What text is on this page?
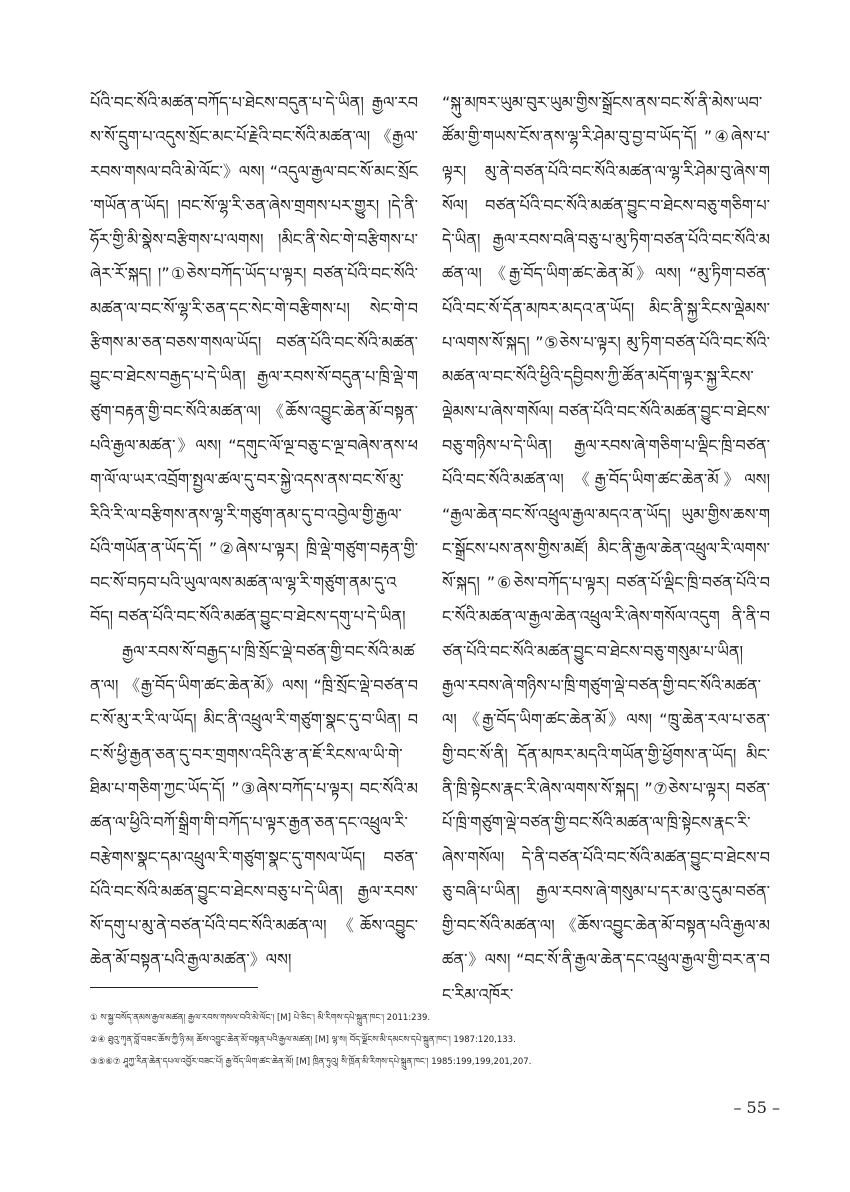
པོའི་བང་སོའི་མཚན་བཀོད་པ་ཐེངས་བདུན་པ་དེ་ཡིན། རྒྱལ་རབས་སོ་དྲུག་པ་འདུས་སྲོང་མང་པོ་རྗེའི་བང་སོའི་མཚན་ལ། 《རྒྱལ་རབས་གསལ་བའི་མེ་ལོང་》ལས། “འདུལ་རྒྱལ་བང་སོ་མང་སྲོང་གཡོན་ན་ཡོད། །བང་སོ་ལྷ་རི་ཅན་ཞེས་གྲགས་པར་གྱུར། །དེ་ནི་ཧོར་གྱི་མི་སྣེས་བརྩིགས་པ་ལགས། །མིང་ནི་སེང་གེ་བརྩིགས་པ་ཞེར་རོ་སྐད། །”①ཅེས་བཀོད་ཡོད་པ་ལྟར། བཙན་པོའི་བང་སོའི་མཚན་ལ་བང་སོ་ལྷ་རི་ཅན་དང་སེང་གེ་བརྩིགས་པ། སེང་གེ་བརྩིགས་མ་ཅན་བཅས་གསལ་ཡོད། བཙན་པོའི་བང་སོའི་མཚན་བྱུང་བ་ཐེངས་བརྒྱད་པ་དེ་ཡིན། རྒྱལ་རབས་སོ་བདུན་པ་ཁྲི་ལྡེ་གཙུག་བརྟན་གྱི་བང་སོའི་མཚན་ལ། 《ཆོས་འབྱུང་ཆེན་མོ་བསྟན་པའི་རྒྱལ་མཚན་》ལས། “དགུང་ལོ་ལྔ་བཅུ་ང་ལྔ་བཞེས་ནས་ཕག་ལོ་ལ་ཡར་འབྲོག་སྤྱལ་ཚལ་དུ་བར་སྐྱེ་འདས་ནས་བང་སོ་མུ་རིའི་རི་ལ་བརྩིགས་ནས་ལྷ་རི་གཙུག་ནམ་དུ་བ་འབྱེལ་གྱི་རྒྱལ་པོའི་གཡོན་ན་ཡོད་དོ། ”②ཞེས་པ་ལྟར། ཁྲི་ལྡེ་གཙུག་བརྟན་གྱི་བང་སོ་བཏབ་པའི་ཡུལ་ལས་མཚན་ལ་ལྷ་རི་གཙུག་ནམ་དུ་འབོད། བཙན་པོའི་བང་སོའི་མཚན་བྱུང་བ་ཐེངས་དགུ་པ་དེ་ཡིན།

རྒྱལ་རབས་སོ་བརྒྱད་པ་ཁྲི་སྲོང་ལྡེ་བཙན་གྱི་བང་སོའི་མཚན་ལ། 《རྒྱ་བོད་ཡིག་ཚང་ཆེན་མོ》ལས། “ཁྲི་སྲོང་ལྡེ་བཙན་བང་སོ་མུ་ར་རི་ལ་ཡོད། མིང་ནི་འཕྲུལ་རི་གཙུག་སྣང་དུ་བ་ཡིན། བང་སོ་ཕྱི་རྒྱན་ཅན་དུ་བར་གྲགས་འདིའི་རྩ་ན་ཇོ་རིངས་ལ་ཡི་གེ་ཐིམ་པ་གཅིག་ཀྱང་ཡོད་དོ། ”③ཞེས་བཀོད་པ་ལྟར། བང་སོའི་མཚན་ལ་ཕྱིའི་བཀོ་སྒྲིག་གི་བཀོད་པ་ལྟར་རྒྱན་ཅན་དང་འཕྲུལ་རི་བརྩེགས་སྣང་དམ་འཕྲུལ་རི་གཙུག་སྣང་དུ་གསལ་ཡོད། བཙན་པོའི་བང་སོའི་མཚན་བྱུང་བ་ཐེངས་བཅུ་པ་དེ་ཡིན། རྒྱལ་རབས་སོ་དགུ་པ་མུ་ནེ་བཙན་པོའི་བང་སོའི་མཚན་ལ། 《ཆོས་འབྱུང་ཆེན་མོ་བསྟན་པའི་རྒྱལ་མཚན་》ལས།

“སྐུ་མཁར་ཡུམ་བུར་ཡུམ་གྱིས་སྒྲོངས་ནས་བང་སོ་ནི་མེས་ཡབ་ཚོམ་གྱི་གཡས་ངོས་ནས་ལྷ་རི་ཤེམ་བུ་བྱ་བ་ཡོད་དོ། ”④ཞེས་པ་ལྟར། མུ་ནེ་བཙན་པོའི་བང་སོའི་མཚན་ལ་ལྷ་རི་ཤེམ་བུ་ཞེས་གསོལ། བཙན་པོའི་བང་སོའི་མཚན་བྱུང་བ་ཐེངས་བཅུ་གཅིག་པ་དེ་ཡིན། རྒྱལ་རབས་བཞི་བཅུ་པ་མུ་ཏིག་བཙན་པོའི་བང་སོའི་མཚན་ལ། 《རྒྱ་བོད་ཡིག་ཚང་ཆེན་མོ》ལས། “མུ་ཏིག་བཙན་པོའི་བང་སོ་དོན་མཁར་མདའ་ན་ཡོད། མིང་ནི་སྐྱ་རིངས་ལྡེམས་པ་ལགས་སོ་སྐད། ”⑤ཅེས་པ་ལྟར། མུ་ཏིག་བཙན་པོའི་བང་སོའི་མཚན་ལ་བང་སོའི་ཕྱིའི་དབྱིབས་ཀྱི་ཚོན་མདོག་ལྟར་སྐྱ་རིངས་ལྡེམས་པ་ཞེས་གསོལ། བཙན་པོའི་བང་སོའི་མཚན་བྱུང་བ་ཐེངས་བཅུ་གཉིས་པ་དེ་ཡིན། རྒྱལ་རབས་ཞེ་གཅིག་པ་ལྡིང་ཁྲི་བཙན་པོའི་བང་སོའི་མཚན་ལ། 《རྒྱ་བོད་ཡིག་ཚང་ཆེན་མོ》ལས། “རྒྱལ་ཆེན་བང་སོ་འཕྲུལ་རྒྱལ་མདའ་ན་ཡོད། ཡུམ་གྱིས་ཆས་གང་སྒྲོངས་པས་ནས་གྱིས་མཛོ། མིང་ནི་རྒྱལ་ཆེན་འཕྲུལ་རི་ལགས་སོ་སྐད། ”⑥ཅེས་བཀོད་པ་ལྟར། བཙན་པོ་ལྡིང་ཁྲི་བཙན་པོའི་བང་སོའི་མཚན་ལ་རྒྱལ་ཆེན་འཕྲུལ་རི་ཞེས་གསོལ་འདུག ནི་ནི་བཙན་པོའི་བང་སོའི་མཚན་བྱུང་བ་ཐེངས་བཅུ་གསུམ་པ་ཡིན། རྒྱལ་རབས་ཞེ་གཉིས་པ་ཁྲི་གཙུག་ལྡེ་བཙན་གྱི་བང་སོའི་མཚན་ལ། 《རྒྱ་བོད་ཡིག་ཚང་ཆེན་མོ》ལས། “ཁྲུ་ཆེན་རལ་པ་ཅན་གྱི་བང་སོ་ནི། དོན་མཁར་མདའི་གཡོན་གྱི་ཕྱོགས་ན་ཡོད། མིང་ནི་ཁྲི་སྟེངས་རྣང་རི་ཞེས་ལགས་སོ་སྐད། ”⑦ཅེས་པ་ལྟར། བཙན་པོ་ཁྲི་གཙུག་ལྡེ་བཙན་གྱི་བང་སོའི་མཚན་ལ་ཁྲི་སྟེངས་རྣང་རི་ཞེས་གསོལ། དེ་ནི་བཙན་པོའི་བང་སོའི་མཚན་བྱུང་བ་ཐེངས་བཅུ་བཞི་པ་ཡིན། རྒྱལ་རབས་ཞེ་གསུམ་པ་དར་མ་འུ་དུམ་བཙན་གྱི་བང་སོའི་མཚན་ལ། 《ཆོས་འབྱུང་ཆེན་མོ་བསྟན་པའི་རྒྱལ་མཚན་》ལས། “བང་སོ་ནི་རྒྱལ་ཆེན་དང་འཕྲུལ་རྒྱལ་གྱི་བར་ན་བང་རིམ་འཁོར་

① ས་སྐྱ་བསོད་ནམས་རྒྱལ་མཚན། རྒྱལ་རབས་གསལ་བའི་མེ་ལོང་། [M] པེ་ཅིང་། མི་རིགས་དཔེ་སྐྲུན་ཁང་། 2011:239.

②④ ཐུའུ་ཀྭན་བློ་བཟང་ཆོས་ཀྱི་ཉི་མ། ཆོས་འབྱུང་ཆེན་མོ་བསྟན་པའི་རྒྱལ་མཚན། [M] ལྷ་ས། བོད་ལྗོངས་མི་དམངས་དཔེ་སྐྲུན་ཁང་། 1987:120,133.

③⑤⑥⑦ ཤཱཀྱ་རིན་ཆེན་དཔལ་འབྱོར་བཟང་པོ། རྒྱ་བོད་ཡིག་ཚང་ཆེན་མོ། [M] ཁྲིན་ཏུའུ། སི་ཁྲོན་མི་རིགས་དཔེ་སྐྲུན་ཁང་། 1985:199,199,201,207.

– 55 –
